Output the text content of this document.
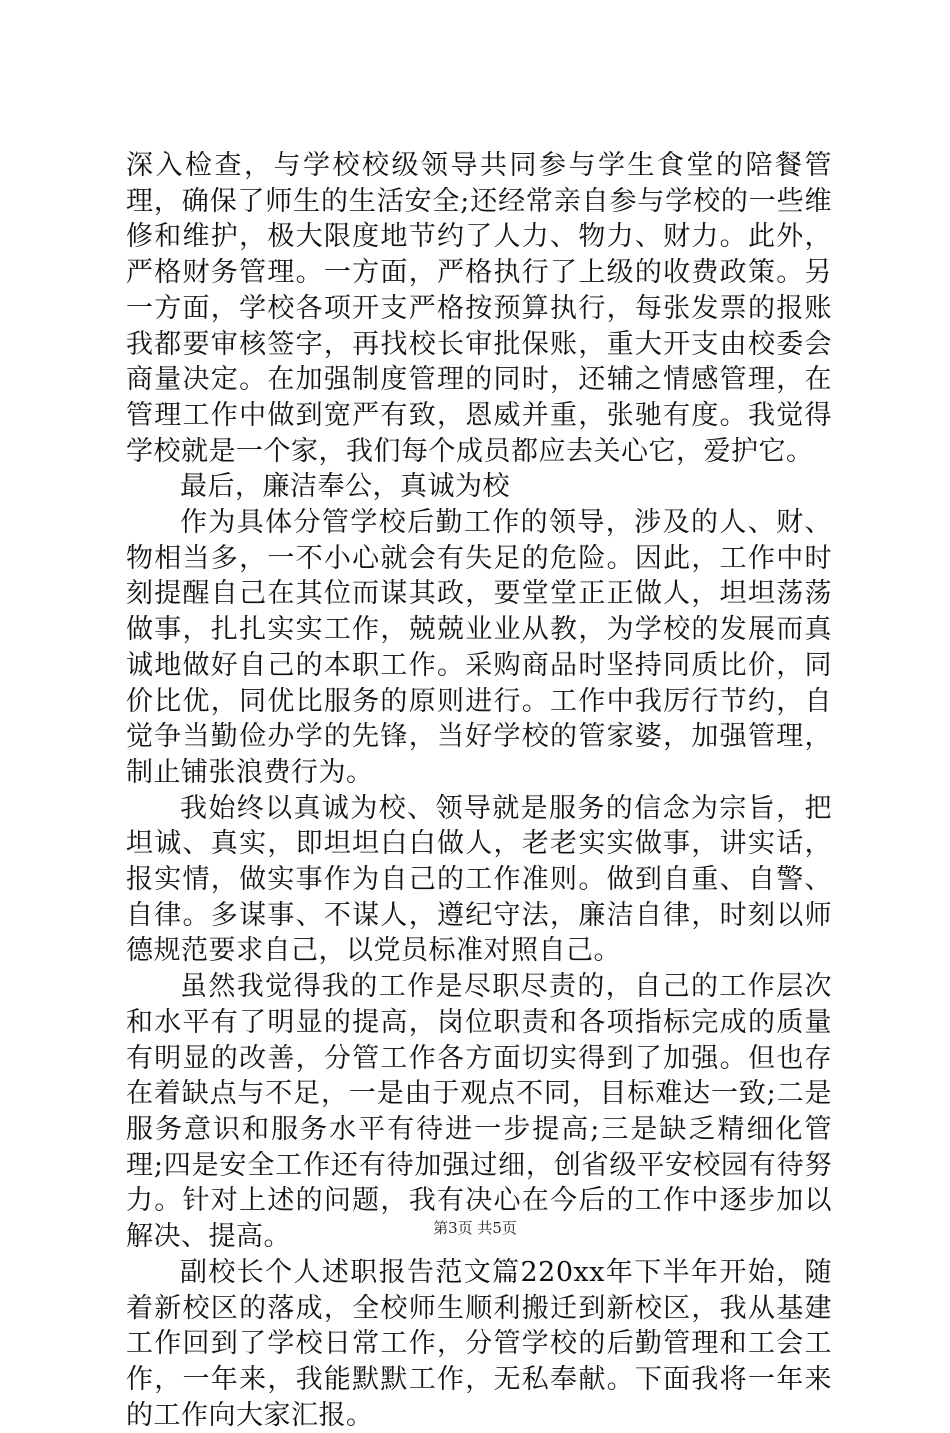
深入检查，与学校校级领导共同参与学生食堂的陪餐管理，确保了师生的生活安全;还经常亲自参与学校的一些维修和维护，极大限度地节约了人力、物力、财力。此外，严格财务管理。一方面，严格执行了上级的收费政策。另一方面，学校各项开支严格按预算执行，每张发票的报账我都要审核签字，再找校长审批保账，重大开支由校委会商量决定。在加强制度管理的同时，还辅之情感管理，在管理工作中做到宽严有致，恩威并重，张驰有度。我觉得学校就是一个家，我们每个成员都应去关心它，爱护它。

最后，廉洁奉公，真诚为校

作为具体分管学校后勤工作的领导，涉及的人、财、物相当多，一不小心就会有失足的危险。因此，工作中时刻提醒自己在其位而谋其政，要堂堂正正做人，坦坦荡荡做事，扎扎实实工作，兢兢业业从教，为学校的发展而真诚地做好自己的本职工作。采购商品时坚持同质比价，同价比优，同优比服务的原则进行。工作中我厉行节约，自觉争当勤俭办学的先锋，当好学校的管家婆，加强管理，制止铺张浪费行为。

我始终以真诚为校、领导就是服务的信念为宗旨，把坦诚、真实，即坦坦白白做人，老老实实做事，讲实话，报实情，做实事作为自己的工作准则。做到自重、自警、自律。多谋事、不谋人，遵纪守法，廉洁自律，时刻以师德规范要求自己，以党员标准对照自己。

虽然我觉得我的工作是尽职尽责的，自己的工作层次和水平有了明显的提高，岗位职责和各项指标完成的质量有明显的改善，分管工作各方面切实得到了加强。但也存在着缺点与不足，一是由于观点不同，目标难达一致;二是服务意识和服务水平有待进一步提高;三是缺乏精细化管理;四是安全工作还有待加强过细，创省级平安校园有待努力。针对上述的问题，我有决心在今后的工作中逐步加以解决、提高。

副校长个人述职报告范文篇220xx年下半年开始，随着新校区的落成，全校师生顺利搬迁到新校区，我从基建工作回到了学校日常工作，分管学校的后勤管理和工会工作，一年来，我能默默工作，无私奉献。下面我将一年来的工作向大家汇报。

第3页 共5页
